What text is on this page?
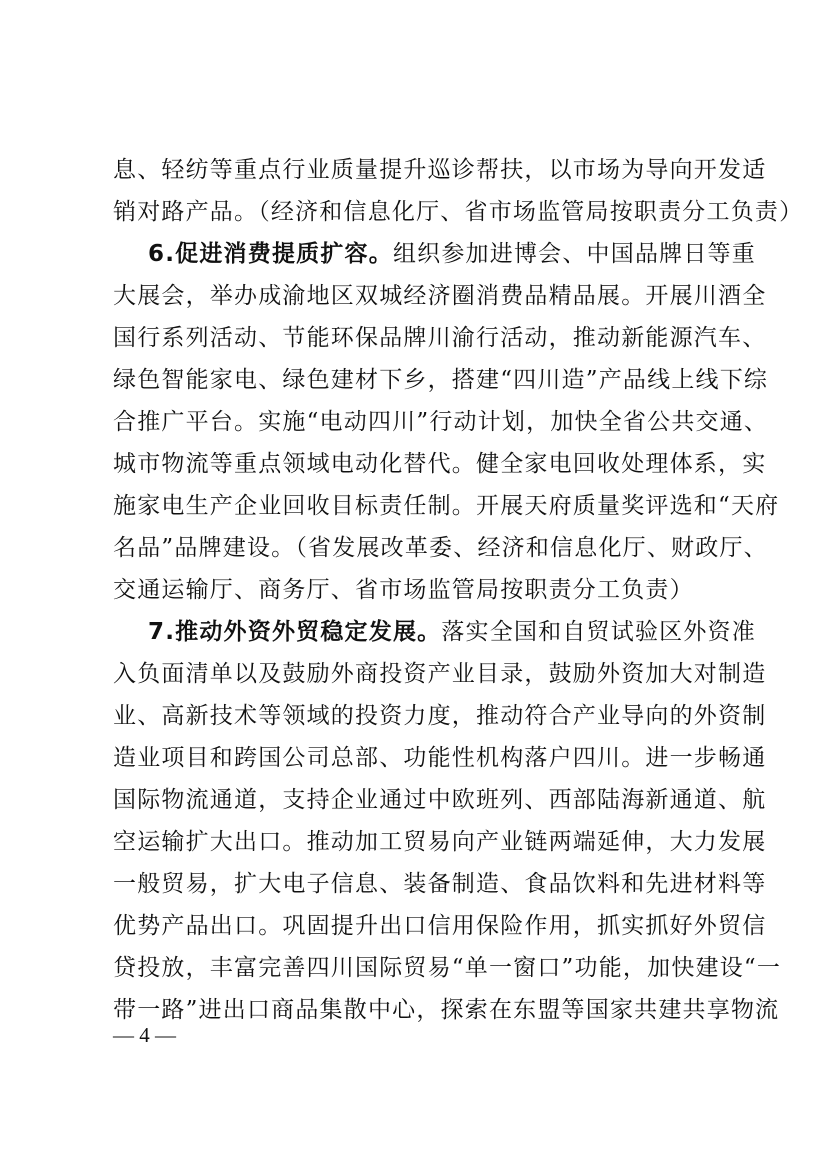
息、轻纺等重点行业质量提升巡诊帮扶，以市场为导向开发适
销对路产品。（经济和信息化厅、省市场监管局按职责分工负责）
6.促进消费提质扩容。组织参加进博会、中国品牌日等重
大展会，举办成渝地区双城经济圈消费品精品展。开展川酒全
国行系列活动、节能环保品牌川渝行活动，推动新能源汽车、
绿色智能家电、绿色建材下乡，搭建“四川造”产品线上线下综
合推广平台。实施“电动四川”行动计划，加快全省公共交通、
城市物流等重点领域电动化替代。健全家电回收处理体系，实
施家电生产企业回收目标责任制。开展天府质量奖评选和“天府
名品”品牌建设。（省发展改革委、经济和信息化厅、财政厅、
交通运输厅、商务厅、省市场监管局按职责分工负责）
7.推动外资外贸稳定发展。落实全国和自贸试验区外资准
入负面清单以及鼓励外商投资产业目录，鼓励外资加大对制造
业、高新技术等领域的投资力度，推动符合产业导向的外资制
造业项目和跨国公司总部、功能性机构落户四川。进一步畅通
国际物流通道，支持企业通过中欧班列、西部陆海新通道、航
空运输扩大出口。推动加工贸易向产业链两端延伸，大力发展
一般贸易，扩大电子信息、装备制造、食品饮料和先进材料等
优势产品出口。巩固提升出口信用保险作用，抓实抓好外贸信
贷投放，丰富完善四川国际贸易“单一窗口”功能，加快建设“一
带一路”进出口商品集散中心，探索在东盟等国家共建共享物流
— 4 —
